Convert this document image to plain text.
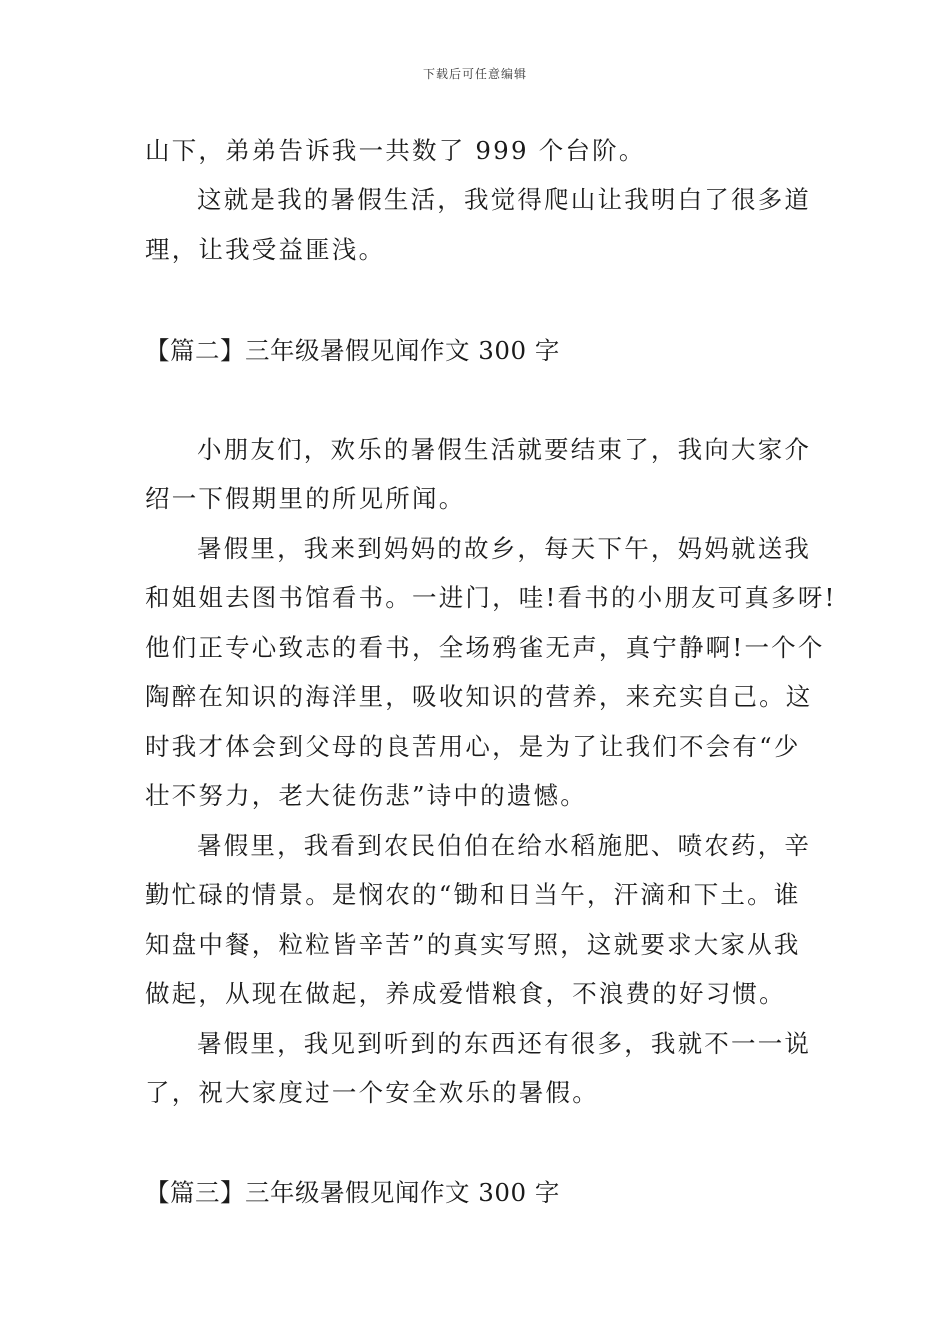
下载后可任意编辑
山下，弟弟告诉我一共数了 999 个台阶。
这就是我的暑假生活，我觉得爬山让我明白了很多道
理，让我受益匪浅。
【篇二】三年级暑假见闻作文 300 字
小朋友们，欢乐的暑假生活就要结束了，我向大家介
绍一下假期里的所见所闻。
暑假里，我来到妈妈的故乡，每天下午，妈妈就送我
和姐姐去图书馆看书。一进门，哇!看书的小朋友可真多呀!
他们正专心致志的看书，全场鸦雀无声，真宁静啊!一个个
陶醉在知识的海洋里，吸收知识的营养，来充实自己。这
时我才体会到父母的良苦用心，是为了让我们不会有“少
壮不努力，老大徒伤悲”诗中的遗憾。
暑假里，我看到农民伯伯在给水稻施肥、喷农药，辛
勤忙碌的情景。是悯农的“锄和日当午，汗滴和下土。谁
知盘中餐，粒粒皆辛苦”的真实写照，这就要求大家从我
做起，从现在做起，养成爱惜粮食，不浪费的好习惯。
暑假里，我见到听到的东西还有很多，我就不一一说
了，祝大家度过一个安全欢乐的暑假。
【篇三】三年级暑假见闻作文 300 字
